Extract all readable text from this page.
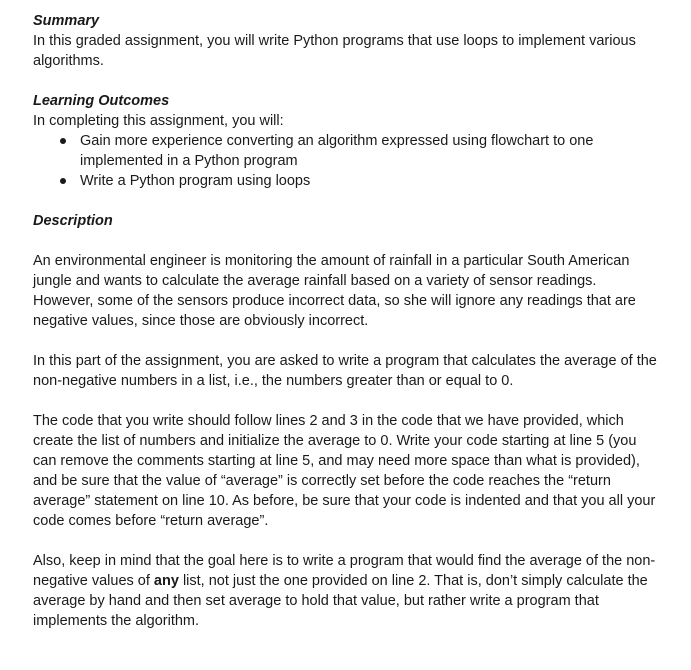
Summary

In this graded assignment, you will write Python programs that use loops to implement various algorithms.

Learning Outcomes

In completing this assignment, you will:

Gain more experience converting an algorithm expressed using flowchart to one implemented in a Python program
Write a Python program using loops

Description

An environmental engineer is monitoring the amount of rainfall in a particular South American jungle and wants to calculate the average rainfall based on a variety of sensor readings. However, some of the sensors produce incorrect data, so she will ignore any readings that are negative values, since those are obviously incorrect.

In this part of the assignment, you are asked to write a program that calculates the average of the non-negative numbers in a list, i.e., the numbers greater than or equal to 0.

The code that you write should follow lines 2 and 3 in the code that we have provided, which create the list of numbers and initialize the average to 0. Write your code starting at line 5 (you can remove the comments starting at line 5, and may need more space than what is provided), and be sure that the value of “average” is correctly set before the code reaches the “return average” statement on line 10. As before, be sure that your code is indented and that you all your code comes before “return average”.

Also, keep in mind that the goal here is to write a program that would find the average of the non-negative values of any list, not just the one provided on line 2. That is, don’t simply calculate the average by hand and then set average to hold that value, but rather write a program that implements the algorithm.
